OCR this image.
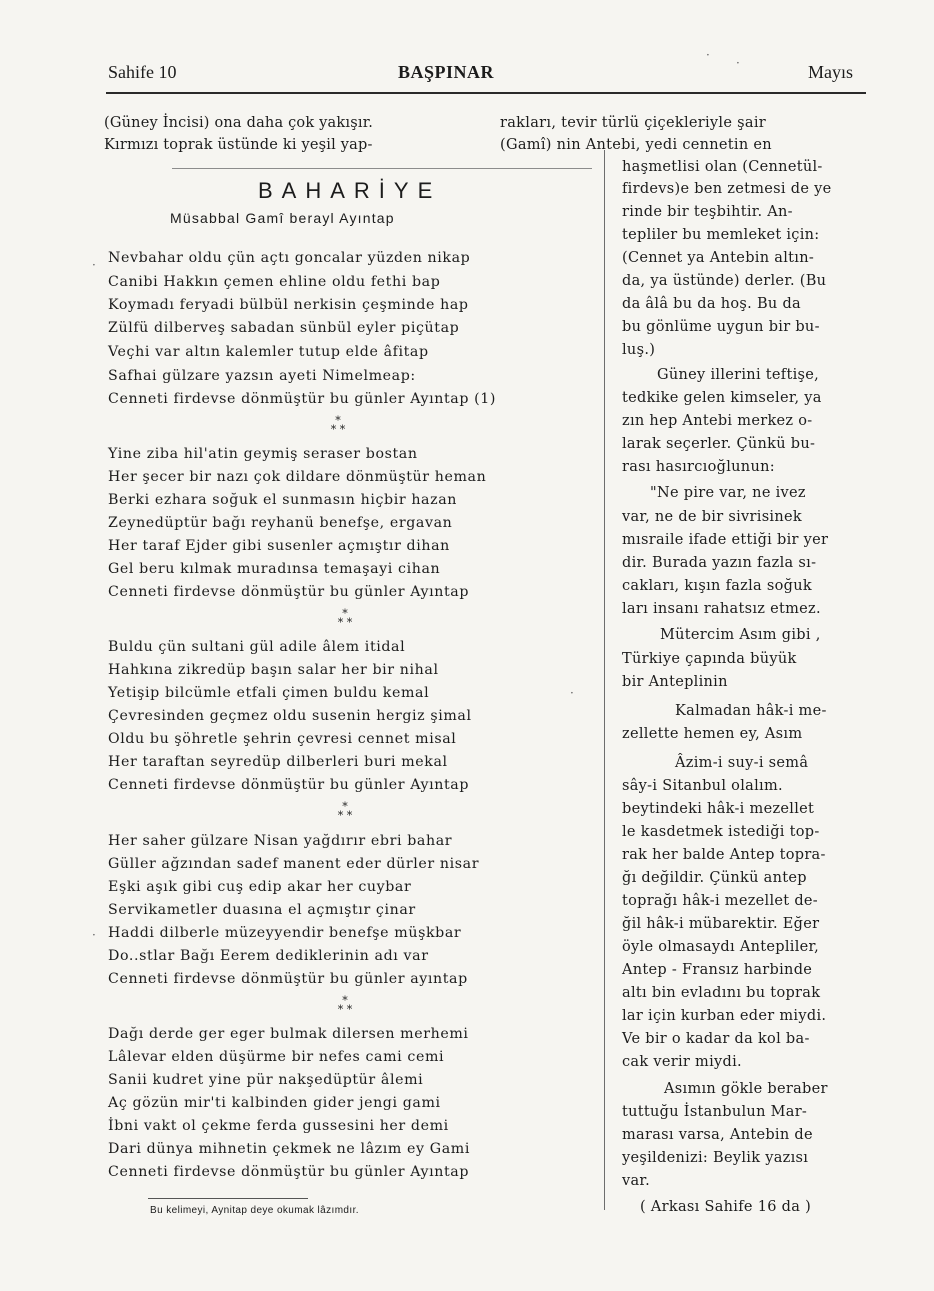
Sahife 10	BAŞPINAR	Mayıs
(Güney İncisi) ona daha çok yakışır.
Kırmızı toprak üstünde ki yeşil yap-
BAHARİYE
Müsabbal Gamî berayl Ayıntap
Nevbahar oldu çün açtı goncalar yüzden nikap
Canibi Hakkın çemen ehline oldu fethi bap
Koymadı feryadi bülbül nerkisin çeşminde hap
Zülfü dilberveş sabadan sünbül eyler piçütap
Veçhi var altın kalemler tutup elde âfitap
Safhai gülzare yazsın ayeti Nimelmeap:
Cenneti firdevse dönmüştür bu günler Ayıntap (1)
*
* *
Yine ziba hil'atin geymiş seraser bostan
Her şecer bir nazı çok dildare dönmüştür heman
Berki ezhara soğuk el sunmasın hiçbir hazan
Zeynedüptür bağı reyhanü benefşe, ergavan
Her taraf Ejder gibi susenler açmıştır dihan
Gel beru kılmak muradınsa temaşayi cihan
Cenneti firdevse dönmüştür bu günler Ayıntap
*
* *
Buldu çün sultani gül adile âlem itidal
Hahkına zikredüp başın salar her bir nihal
Yetişip bilcümle etfali çimen buldu kemal
Çevresinden geçmez oldu susenin hergiz şimal
Oldu bu şöhretle şehrin çevresi cennet misal
Her taraftan seyredüp dilberleri buri mekal
Cenneti firdevse dönmüştür bu günler Ayıntap
*
* *
Her saher gülzare Nisan yağdırır ebri bahar
Güller ağzından sadef manent eder dürler nisar
Eşki aşık gibi cuş edip akar her cuybar
Servikametler duasına el açmıştır çinar
Haddi dilberle müzeyyendir benefşe müşkbar
Do..stlar Bağı Eerem dediklerinin adı var
Cenneti firdevse dönmüştür bu günler ayıntap
*
* *
Dağı derde ger eger bulmak dilersen merhemi
Lâlevar elden düşürme bir nefes cami cemi
Sanii kudret yine pür nakşedüptür âlemi
Aç gözün mir'ti kalbinden gider jengi gami
İbni vakt ol çekme ferda gussesini her demi
Dari dünya mihnetin çekmek ne lâzım ey Gami
Cenneti firdevse dönmüştür bu günler Ayıntap
Bu kelimeyi, Aynitap deye okumak lâzımdır.
rakları, tevir türlü çiçekleriyle şair
(Gamî) nin Antebi, yedi cennetin en
haşmetlisi olan (Cennetül-
firdevs)e ben zetmesi de ye
rinde bir teşbihtir. An-
tepliler bu memleket için:
(Cennet ya Antebin altın-
da, ya üstünde) derler. (Bu
da âlâ bu da hoş. Bu da
bu gönlüme uygun bir bu-
luş.)
Güney illerini teftişe,
tedkike gelen kimseler, ya
zın hep Antebi merkez o-
larak seçerler. Çünkü bu-
rası hasırcıoğlunun:
"Ne pire var, ne ivez
var, ne de bir sivrisinek
mısraile ifade ettiği bir yer
dir. Burada yazın fazla sı-
cakları, kışın fazla soğuk
ları insanı rahatsız etmez.
Mütercim Asım gibi ,
Türkiye çapında büyük
bir Anteplinin
Kalmadan hâk-i me-
zellette hemen ey, Asım
Âzim-i suy-i semâ
sây-i Sitanbul olalım.
beytindeki hâk-i mezellet
le kasdetmek istediği top-
rak her balde Antep topra-
ğı değildir. Çünkü antep
toprağı hâk-i mezellet de-
ğil hâk-i mübarektir. Eğer
öyle olmasaydı Antepliler,
Antep - Fransız harbinde
altı bin evladını bu toprak
lar için kurban eder miydi.
Ve bir o kadar da kol ba-
cak verir miydi.
Asımın gökle beraber
tuttuğu İstanbulun Mar-
marası varsa, Antebin de
yeşildenizi: Beylik yazısı
var.
( Arkası Sahife 16 da )
·
·
·
·
·
